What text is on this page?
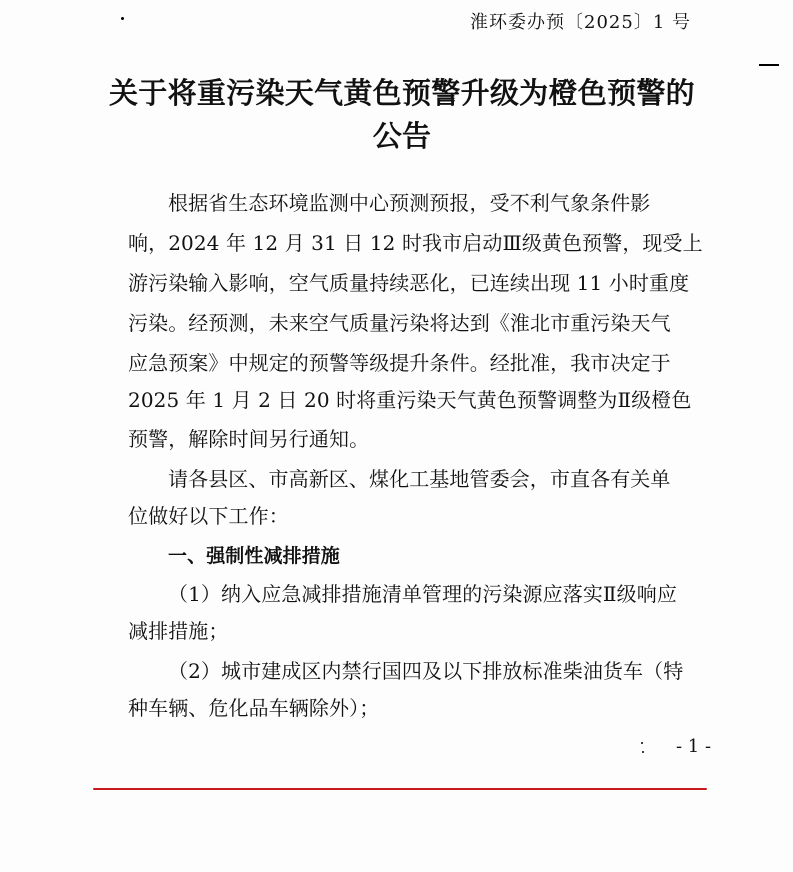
淮环委办预〔2025〕1 号
关于将重污染天气黄色预警升级为橙色预警的
公告
根据省生态环境监测中心预测预报，受不利气象条件影
响，2024 年 12 月 31 日 12 时我市启动Ⅲ级黄色预警，现受上
游污染输入影响，空气质量持续恶化，已连续出现 11 小时重度
污染。经预测，未来空气质量污染将达到《淮北市重污染天气
应急预案》中规定的预警等级提升条件。经批准，我市决定于
2025 年 1 月 2 日 20 时将重污染天气黄色预警调整为Ⅱ级橙色
预警，解除时间另行通知。
请各县区、市高新区、煤化工基地管委会，市直各有关单
位做好以下工作：
一、强制性减排措施
（1）纳入应急减排措施清单管理的污染源应落实Ⅱ级响应
减排措施；
（2）城市建成区内禁行国四及以下排放标准柴油货车（特
种车辆、危化品车辆除外）；
- 1 -
